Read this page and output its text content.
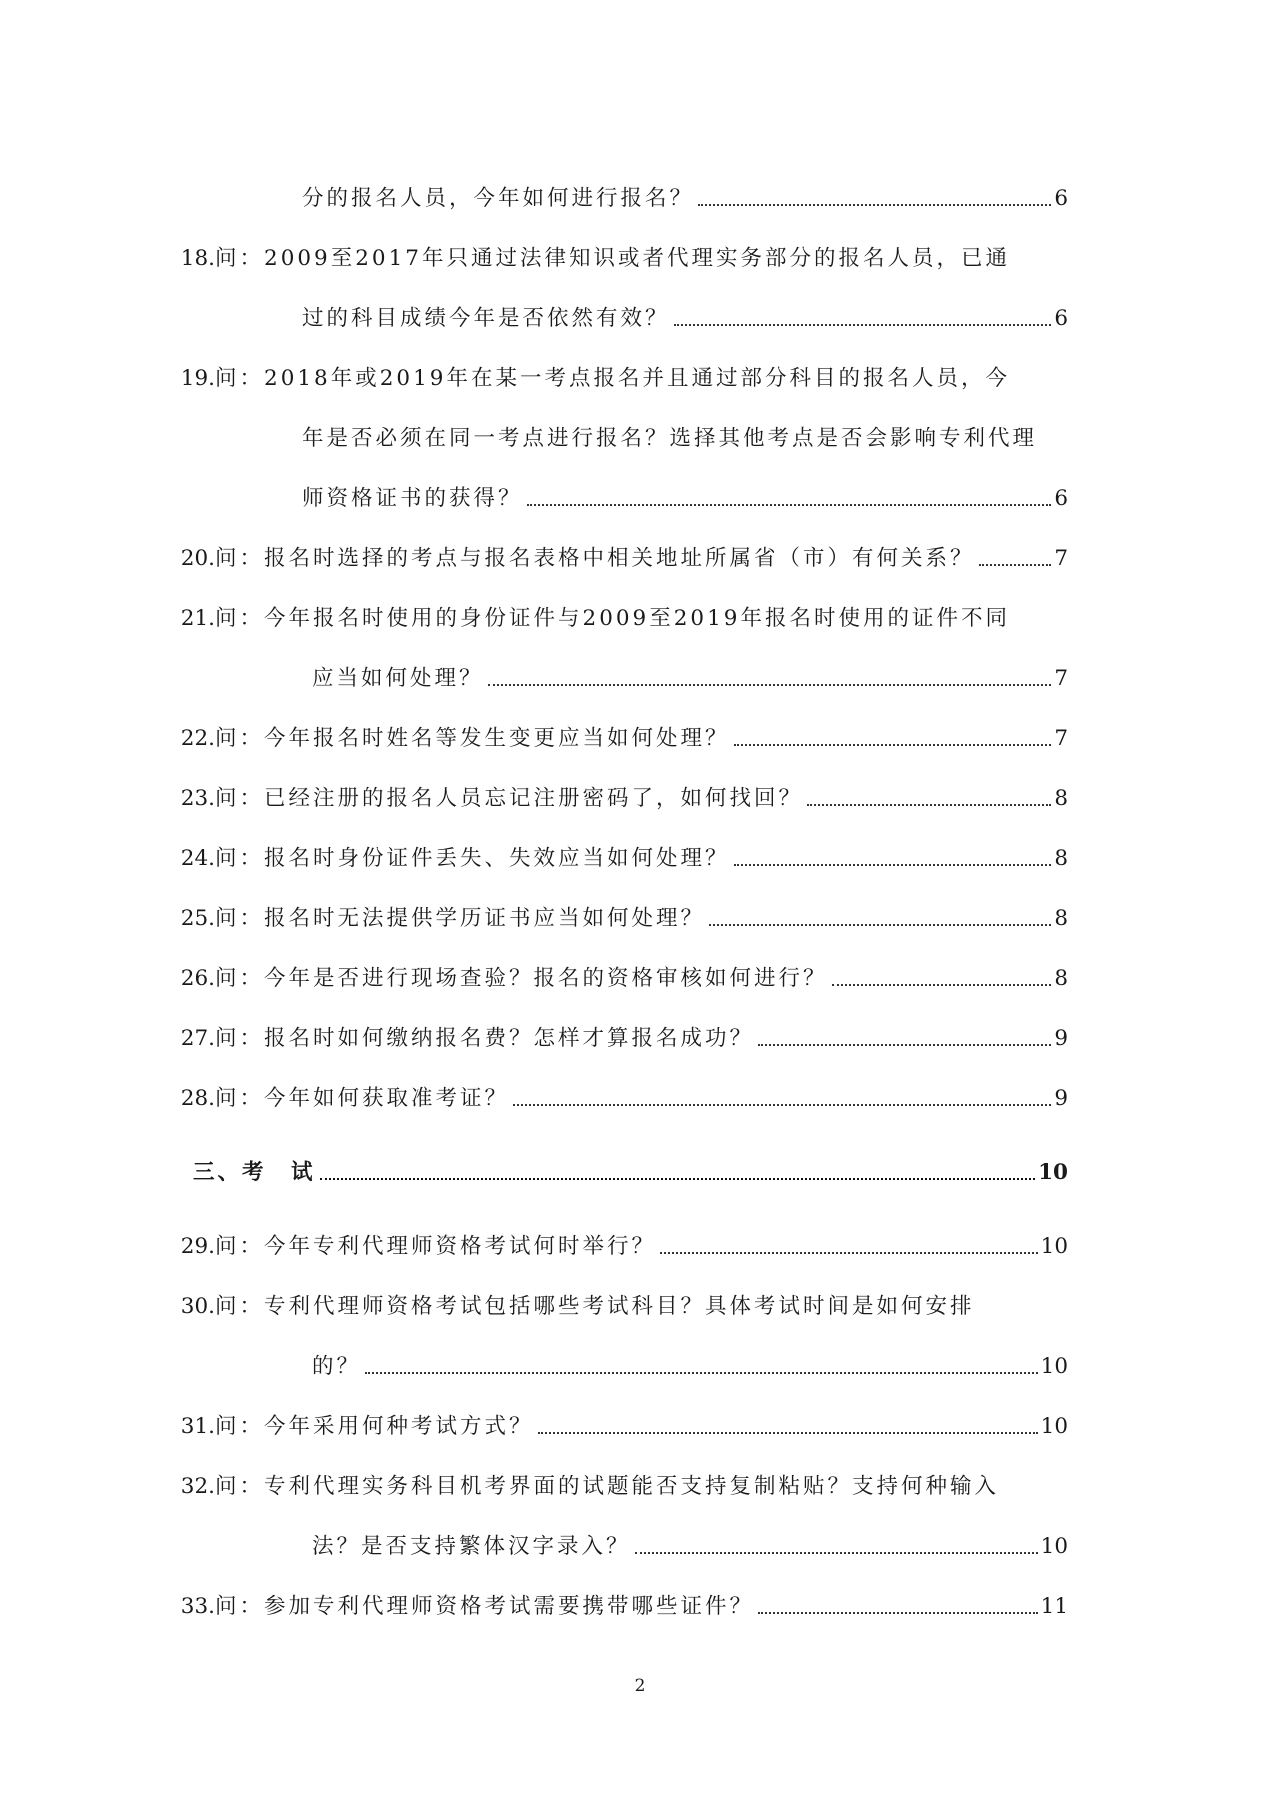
分的报名人员，今年如何进行报名？	6
18. 问： 2009至2017年只通过法律知识或者代理实务部分的报名人员，已通
过的科目成绩今年是否依然有效？	6
19. 问： 2018年或2019年在某一考点报名并且通过部分科目的报名人员，今
年是否必须在同一考点进行报名？选择其他考点是否会影响专利代理
师资格证书的获得？	6
20. 问： 报名时选择的考点与报名表格中相关地址所属省（市）有何关系？	7
21. 问： 今年报名时使用的身份证件与2009至2019年报名时使用的证件不同
应当如何处理？	7
22. 问： 今年报名时姓名等发生变更应当如何处理？	7
23. 问： 已经注册的报名人员忘记注册密码了，如何找回？	8
24. 问： 报名时身份证件丢失、失效应当如何处理？	8
25. 问： 报名时无法提供学历证书应当如何处理？	8
26. 问： 今年是否进行现场查验？报名的资格审核如何进行？	8
27. 问： 报名时如何缴纳报名费？怎样才算报名成功？	9
28. 问： 今年如何获取准考证？	9
三、考　试	10
29. 问： 今年专利代理师资格考试何时举行？	10
30. 问： 专利代理师资格考试包括哪些考试科目？具体考试时间是如何安排
的？	10
31. 问： 今年采用何种考试方式？	10
32. 问： 专利代理实务科目机考界面的试题能否支持复制粘贴？支持何种输入
法？是否支持繁体汉字录入？	10
33. 问： 参加专利代理师资格考试需要携带哪些证件？	11
2
